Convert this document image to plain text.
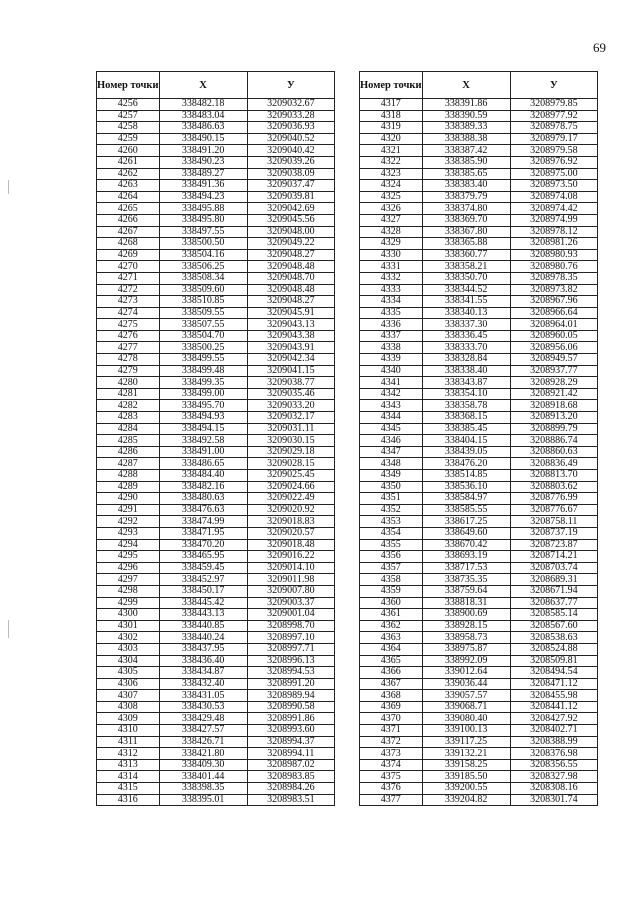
69
Номер точки	Х	У
4256	338482.18	3209032.67
4257	338483.04	3209033.28
4258	338486.63	3209036.93
4259	338490.15	3209040.52
4260	338491.20	3209040.42
4261	338490.23	3209039.26
4262	338489.27	3209038.09
4263	338491.36	3209037.47
4264	338494.23	3209039.81
4265	338495.88	3209042.69
4266	338495.80	3209045.56
4267	338497.55	3209048.00
4268	338500.50	3209049.22
4269	338504.16	3209048.27
4270	338506.25	3209048.48
4271	338508.34	3209048.70
4272	338509.60	3209048.48
4273	338510.85	3209048.27
4274	338509.55	3209045.91
4275	338507.55	3209043.13
4276	338504.70	3209043.38
4277	338500.25	3209043.91
4278	338499.55	3209042.34
4279	338499.48	3209041.15
4280	338499.35	3209038.77
4281	338499.00	3209035.46
4282	338495.70	3209033.20
4283	338494.93	3209032.17
4284	338494.15	3209031.11
4285	338492.58	3209030.15
4286	338491.00	3209029.18
4287	338486.65	3209028.15
4288	338484.40	3209025.45
4289	338482.16	3209024.66
4290	338480.63	3209022.49
4291	338476.63	3209020.92
4292	338474.99	3209018.83
4293	338471.95	3209020.57
4294	338470.20	3209018.48
4295	338465.95	3209016.22
4296	338459.45	3209014.10
4297	338452.97	3209011.98
4298	338450.17	3209007.80
4299	338445.42	3209003.37
4300	338443.13	3209001.04
4301	338440.85	3208998.70
4302	338440.24	3208997.10
4303	338437.95	3208997.71
4304	338436.40	3208996.13
4305	338434.87	3208994.53
4306	338432.40	3208991.20
4307	338431.05	3208989.94
4308	338430.53	3208990.58
4309	338429.48	3208991.86
4310	338427.57	3208993.60
4311	338426.71	3208994.37
4312	338421.80	3208994.11
4313	338409.30	3208987.02
4314	338401.44	3208983.85
4315	338398.35	3208984.26
4316	338395.01	3208983.51
Номер точки	Х	У
4317	338391.86	3208979.85
4318	338390.59	3208977.92
4319	338389.33	3208978.75
4320	338388.38	3208979.17
4321	338387.42	3208979.58
4322	338385.90	3208976.92
4323	338385.65	3208975.00
4324	338383.40	3208973.50
4325	338379.79	3208974.08
4326	338374.80	3208974.42
4327	338369.70	3208974.99
4328	338367.80	3208978.12
4329	338365.88	3208981.26
4330	338360.77	3208980.93
4331	338358.21	3208980.76
4332	338350.70	3208978.35
4333	338344.52	3208973.82
4334	338341.55	3208967.96
4335	338340.13	3208966.64
4336	338337.30	3208964.01
4337	338336.45	3208960.05
4338	338333.70	3208956.06
4339	338328.84	3208949.57
4340	338338.40	3208937.77
4341	338343.87	3208928.29
4342	338354.10	3208921.42
4343	338358.78	3208918.68
4344	338368.15	3208913.20
4345	338385.45	3208899.79
4346	338404.15	3208886.74
4347	338439.05	3208860.63
4348	338476.20	3208836.49
4349	338514.85	3208813.70
4350	338536.10	3208803.62
4351	338584.97	3208776.99
4352	338585.55	3208776.67
4353	338617.25	3208758.11
4354	338649.60	3208737.19
4355	338670.42	3208723.87
4356	338693.19	3208714.21
4357	338717.53	3208703.74
4358	338735.35	3208689.31
4359	338759.64	3208671.94
4360	338818.31	3208637.77
4361	338900.69	3208585.14
4362	338928.15	3208567.60
4363	338958.73	3208538.63
4364	338975.87	3208524.88
4365	338992.09	3208509.81
4366	339012.64	3208494.54
4367	339036.44	3208471.12
4368	339057.57	3208455.98
4369	339068.71	3208441.12
4370	339080.40	3208427.92
4371	339100.13	3208402.71
4372	339117.25	3208388.99
4373	339132.21	3208376.98
4374	339158.25	3208356.55
4375	339185.50	3208327.98
4376	339200.55	3208308.16
4377	339204.82	3208301.74
